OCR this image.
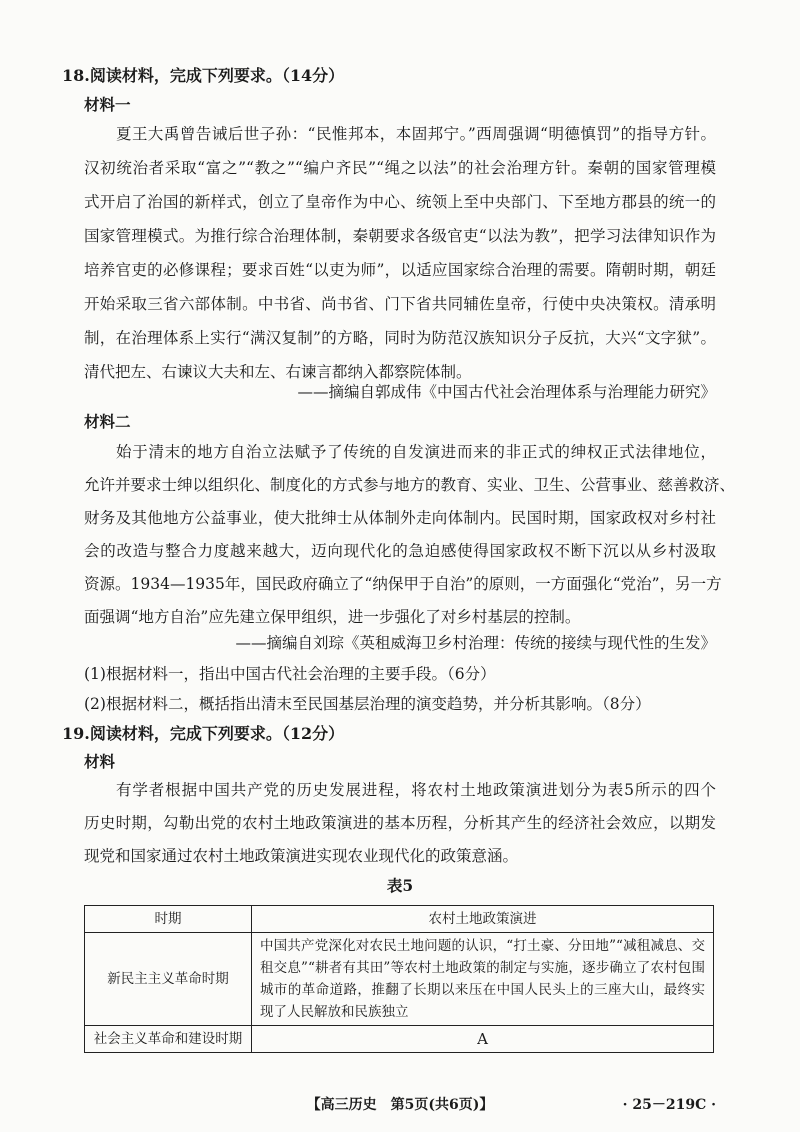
18.阅读材料，完成下列要求。（14分）
材料一
夏王大禹曾告诫后世子孙：“民惟邦本，本固邦宁。”西周强调“明德慎罚”的指导方针。
汉初统治者采取“富之”“教之”“编户齐民”“绳之以法”的社会治理方针。秦朝的国家管理模
式开启了治国的新样式，创立了皇帝作为中心、统领上至中央部门、下至地方郡县的统一的
国家管理模式。为推行综合治理体制，秦朝要求各级官吏“以法为教”，把学习法律知识作为
培养官吏的必修课程；要求百姓“以吏为师”，以适应国家综合治理的需要。隋朝时期，朝廷
开始采取三省六部体制。中书省、尚书省、门下省共同辅佐皇帝，行使中央决策权。清承明
制，在治理体系上实行“满汉复制”的方略，同时为防范汉族知识分子反抗，大兴“文字狱”。
清代把左、右谏议大夫和左、右谏言都纳入都察院体制。
——摘编自郭成伟《中国古代社会治理体系与治理能力研究》
材料二
始于清末的地方自治立法赋予了传统的自发演进而来的非正式的绅权正式法律地位，
允许并要求士绅以组织化、制度化的方式参与地方的教育、实业、卫生、公营事业、慈善救济、
财务及其他地方公益事业，使大批绅士从体制外走向体制内。民国时期，国家政权对乡村社
会的改造与整合力度越来越大，迈向现代化的急迫感使得国家政权不断下沉以从乡村汲取
资源。1934—1935年，国民政府确立了“纳保甲于自治”的原则，一方面强化“党治”，另一方
面强调“地方自治”应先建立保甲组织，进一步强化了对乡村基层的控制。
——摘编自刘琮《英租威海卫乡村治理：传统的接续与现代性的生发》
(1)根据材料一，指出中国古代社会治理的主要手段。（6分）
(2)根据材料二，概括指出清末至民国基层治理的演变趋势，并分析其影响。（8分）
19.阅读材料，完成下列要求。（12分）
材料
有学者根据中国共产党的历史发展进程，将农村土地政策演进划分为表5所示的四个
历史时期，勾勒出党的农村土地政策演进的基本历程，分析其产生的经济社会效应，以期发
现党和国家通过农村土地政策演进实现农业现代化的政策意涵。
表5
时期	农村土地政策演进
新民主主义革命时期	中国共产党深化对农民土地问题的认识，“打土豪、分田地”“减租减息、交租交息”“耕者有其田”等农村土地政策的制定与实施，逐步确立了农村包围城市的革命道路，推翻了长期以来压在中国人民头上的三座大山，最终实现了人民解放和民族独立
社会主义革命和建设时期	A
【高三历史　第5页(共6页)】	· 25－219C ·
